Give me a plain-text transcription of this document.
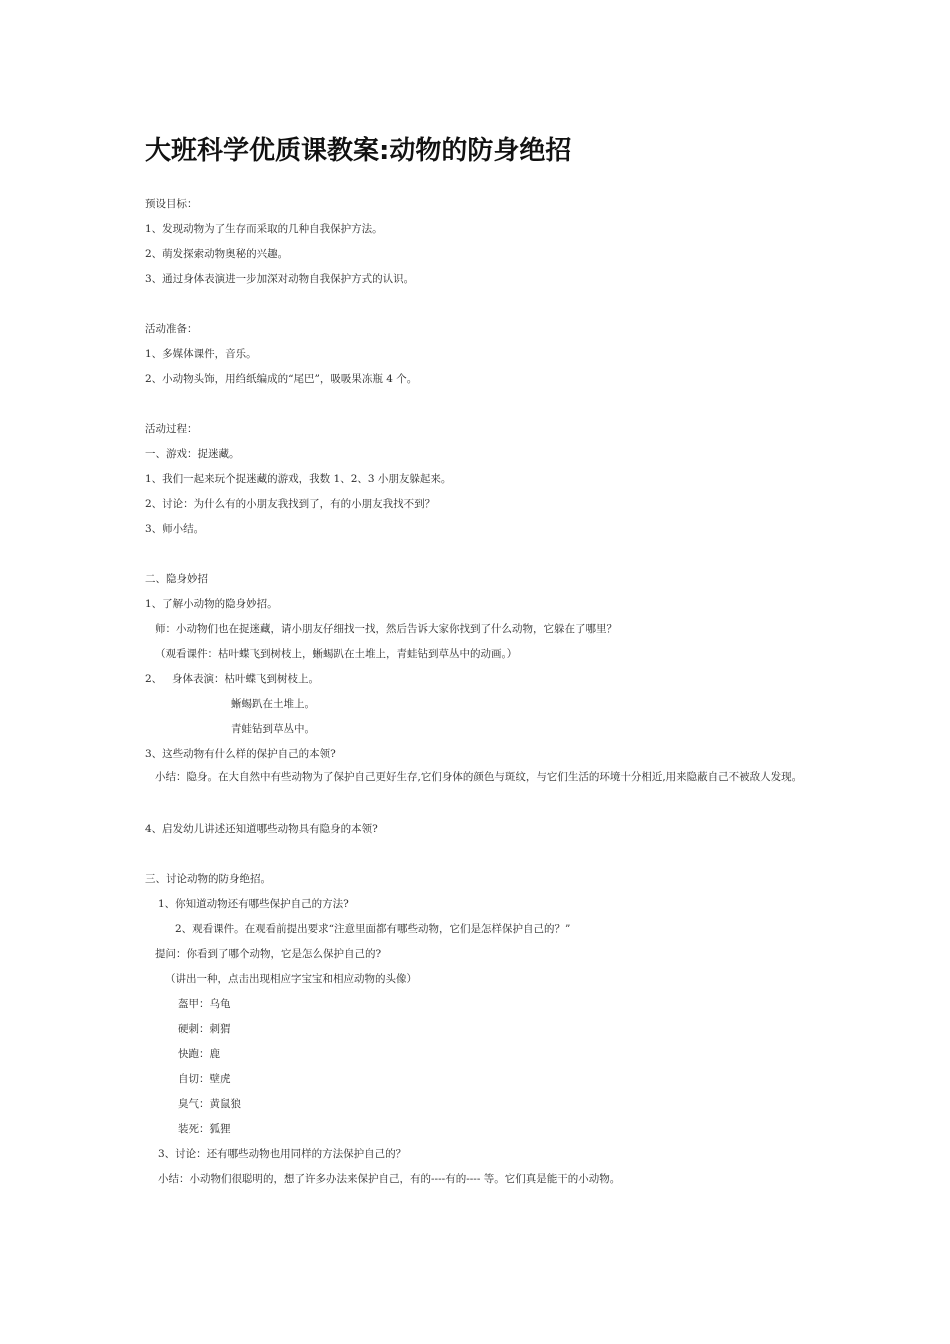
大班科学优质课教案:动物的防身绝招
预设目标：
1、发现动物为了生存而采取的几种自我保护方法。
2、萌发探索动物奥秘的兴趣。
3、通过身体表演进一步加深对动物自我保护方式的认识。
活动准备：
1、多媒体课件，音乐。
2、小动物头饰，用绉纸编成的“尾巴”，吸吸果冻瓶 4 个。
活动过程：
一、游戏：捉迷藏。
1、我们一起来玩个捉迷藏的游戏，我数 1、2、3 小朋友躲起来。
2、讨论：为什么有的小朋友我找到了，有的小朋友我找不到？
3、师小结。
二、隐身妙招
1、了解小动物的隐身妙招。
师：小动物们也在捉迷藏，请小朋友仔细找一找，然后告诉大家你找到了什么动物，它躲在了哪里？
（观看课件：枯叶蝶飞到树枝上，蜥蜴趴在土堆上，青蛙钻到草丛中的动画。）
2、 身体表演：枯叶蝶飞到树枝上。
蜥蜴趴在土堆上。
青蛙钻到草丛中。
3、这些动物有什么样的保护自己的本领?
小结：隐身。在大自然中有些动物为了保护自己更好生存,它们身体的颜色与斑纹，与它们生活的环境十分相近,用来隐蔽自己不被敌人发现。
4、启发幼儿讲述还知道哪些动物具有隐身的本领?
三、讨论动物的防身绝招。
1、你知道动物还有哪些保护自己的方法?
2、观看课件。在观看前提出要求“注意里面都有哪些动物，它们是怎样保护自己的？”
提问：你看到了哪个动物，它是怎么保护自己的?
（讲出一种，点击出现相应字宝宝和相应动物的头像）
盔甲：乌龟
硬刺：刺猬
快跑：鹿
自切：壁虎
臭气：黄鼠狼
装死：狐狸
3、讨论：还有哪些动物也用同样的方法保护自己的？
小结：小动物们很聪明的，想了许多办法来保护自己，有的----有的---- 等。它们真是能干的小动物。
